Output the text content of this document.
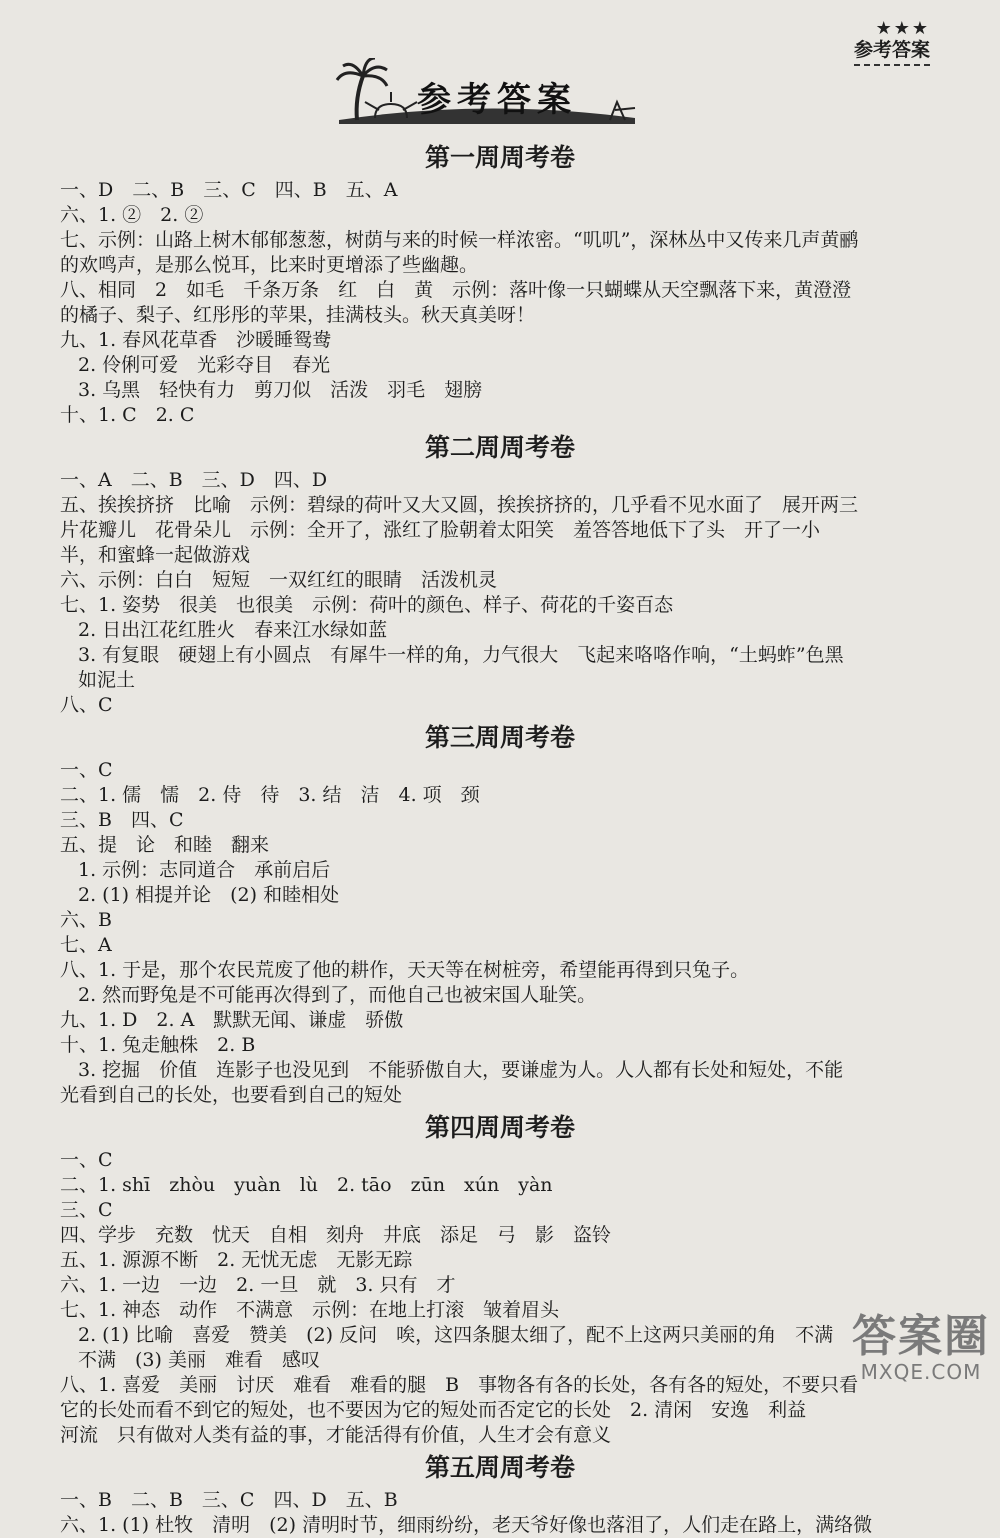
★★★
参考答案
参考答案
第一周周考卷
一、D　二、B　三、C　四、B　五、A
六、1. ②　2. ②
七、示例：山路上树木郁郁葱葱，树荫与来的时候一样浓密。“叽叽”，深林丛中又传来几声黄鹂
的欢鸣声，是那么悦耳，比来时更增添了些幽趣。
八、相同　2　如毛　千条万条　红　白　黄　示例：落叶像一只蝴蝶从天空飘落下来，黄澄澄
的橘子、梨子、红彤彤的苹果，挂满枝头。秋天真美呀！
九、1. 春风花草香　沙暖睡鸳鸯
2. 伶俐可爱　光彩夺目　春光
3. 乌黑　轻快有力　剪刀似　活泼　羽毛　翅膀
十、1. C　2. C
第二周周考卷
一、A　二、B　三、D　四、D
五、挨挨挤挤　比喻　示例：碧绿的荷叶又大又圆，挨挨挤挤的，几乎看不见水面了　展开两三
片花瓣儿　花骨朵儿　示例：全开了，涨红了脸朝着太阳笑　羞答答地低下了头　开了一小
半，和蜜蜂一起做游戏
六、示例：白白　短短　一双红红的眼睛　活泼机灵
七、1. 姿势　很美　也很美　示例：荷叶的颜色、样子、荷花的千姿百态
2. 日出江花红胜火　春来江水绿如蓝
3. 有复眼　硬翅上有小圆点　有犀牛一样的角，力气很大　飞起来咯咯作响，“土蚂蚱”色黑
如泥土
八、C
第三周周考卷
一、C
二、1. 儒　懦　2. 侍　待　3. 结　洁　4. 项　颈
三、B　四、C
五、提　论　和睦　翻来
1. 示例：志同道合　承前启后
2. (1) 相提并论　(2) 和睦相处
六、B
七、A
八、1. 于是，那个农民荒废了他的耕作，天天等在树桩旁，希望能再得到只兔子。
2. 然而野兔是不可能再次得到了，而他自己也被宋国人耻笑。
九、1. D　2. A　默默无闻、谦虚　骄傲
十、1. 兔走触株　2. B
3. 挖掘　价值　连影子也没见到　不能骄傲自大，要谦虚为人。人人都有长处和短处，不能
光看到自己的长处，也要看到自己的短处
第四周周考卷
一、C
二、1. shī　zhòu　yuàn　lù　2. tāo　zūn　xún　yàn
三、C
四、学步　充数　忧天　自相　刻舟　井底　添足　弓　影　盗铃
五、1. 源源不断　2. 无忧无虑　无影无踪
六、1. 一边　一边　2. 一旦　就　3. 只有　才
七、1. 神态　动作　不满意　示例：在地上打滚　皱着眉头
2. (1) 比喻　喜爱　赞美　(2) 反问　唉，这四条腿太细了，配不上这两只美丽的角　不满
不满　(3) 美丽　难看　感叹
八、1. 喜爱　美丽　讨厌　难看　难看的腿　B　事物各有各的长处，各有各的短处，不要只看
它的长处而看不到它的短处，也不要因为它的短处而否定它的长处　2. 清闲　安逸　利益
河流　只有做对人类有益的事，才能活得有价值，人生才会有意义
第五周周考卷
一、B　二、B　三、C　四、D　五、B
六、1. (1) 杜牧　清明　(2) 清明时节，细雨纷纷，老天爷好像也落泪了，人们走在路上，满络微
答案圈
MXQE.COM
